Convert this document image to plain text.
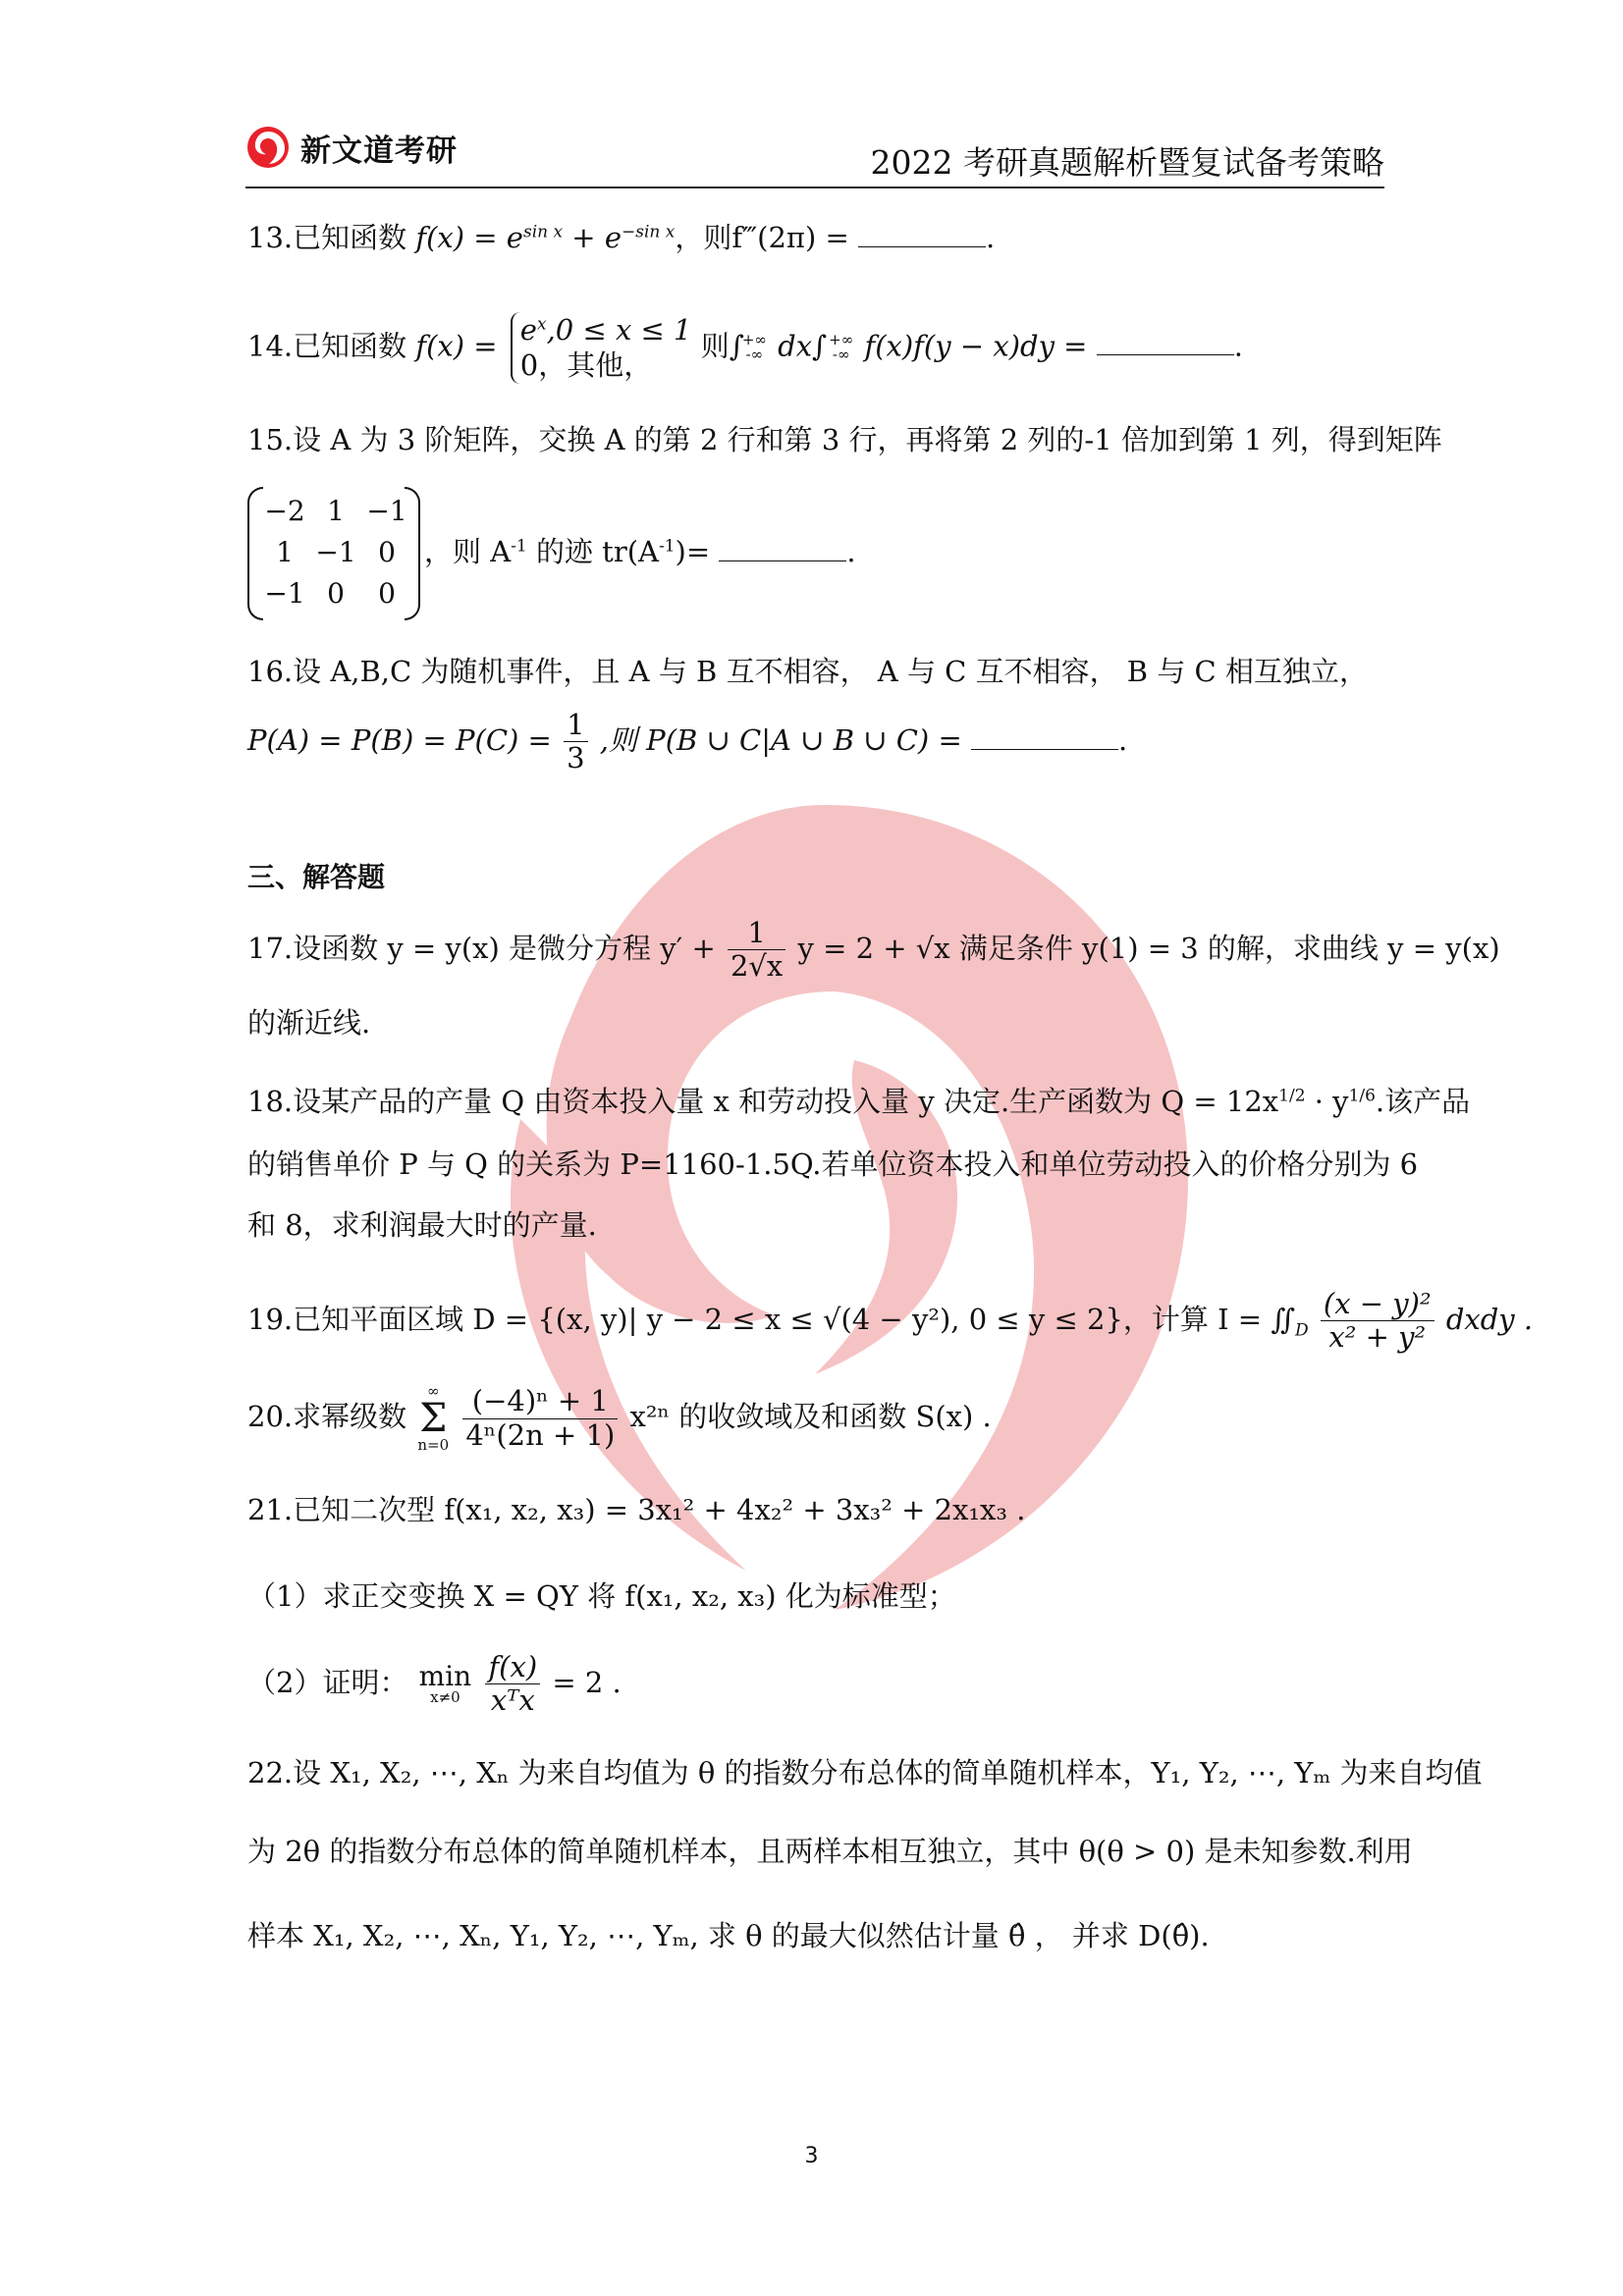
新文道考研	2022 考研真题解析暨复试备考策略
13.已知函数 $f(x) = e^{sin x} + e^{-sin x}$，则f‴(2π) =	.
14.已知函数 $f(x) = e^x,0 \le x \le 1$
0，其他，
则∫
+∞
-∞ dx∫ +∞
-∞ f(x)f(y − x)dy =	.
15.设 A 为 3 阶矩阵，交换 A 的第 2 行和第 3 行，再将第 2 列的-1 倍加到第 1 列，得到矩阵
−2	1	−1
1	−1	0
−1	0	0
，则 $A^{-1}$ 的迹 $tr(A^{-1})=$	.
16.设 A,B,C 为随机事件，且 A 与 B 互不相容， A 与 C 互不相容， B 与 C 相互独立，
$P(A) = P(B) = P(C) = \frac{1}{3}$ ,则 P(B ∪ C|A ∪ B ∪ C) =	.
三、解答题
17.设函数 y = y(x) 是微分方程 $y' + \frac{1}{2√x}$ y = 2 + √x 满足条件 y(1) = 3 的解，求曲线 y = y(x)
的渐近线.
18.设某产品的产量 Q 由资本投入量 x 和劳动投入量 y 决定.生产函数为 $Q = 12x^{1/2} \cdot y^{1/6}$.该产品
的销售单价 P 与 Q 的关系为 P=1160-1.5Q.若单位资本投入和单位劳动投入的价格分别为 6
和 8，求利润最大时的产量.
19.已知平面区域 D = {(x, y)| y − 2 ≤ x ≤ √(4 − y²), 0 ≤ y ≤ 2}，计算 $I = ∬_D \frac{\text{(x − y)²}}{\text{x² + y²}}$ dxdy .
20.求幂级数
∞
Σ
n=0
$\frac{\text{(−4)ⁿ + 1}}{\text{4ⁿ(2n + 1)}} x^{2n}$ 的收敛域及和函数 S(x) .
21.已知二次型 f(x₁, x₂, x₃) = 3x₁² + 4x₂² + 3x₃² + 2x₁x₃ .
（1）求正交变换 X = QY 将 f(x₁, x₂, x₃) 化为标准型；
（2）证明： min
x≠0
$\frac{f(x)}{\text{xᵀx}} = 2$ .
22.设 X₁, X₂, ⋯, Xₙ 为来自均值为 θ 的指数分布总体的简单随机样本，Y₁, Y₂, ⋯, Yₘ 为来自均值
为 2θ 的指数分布总体的简单随机样本，且两样本相互独立，其中 θ(θ > 0) 是未知参数.利用
样本 X₁, X₂, ⋯, Xₙ, Y₁, Y₂, ⋯, Yₘ, 求 θ 的最大似然估计量 θ̂ ， 并求 D(θ̂).
3
